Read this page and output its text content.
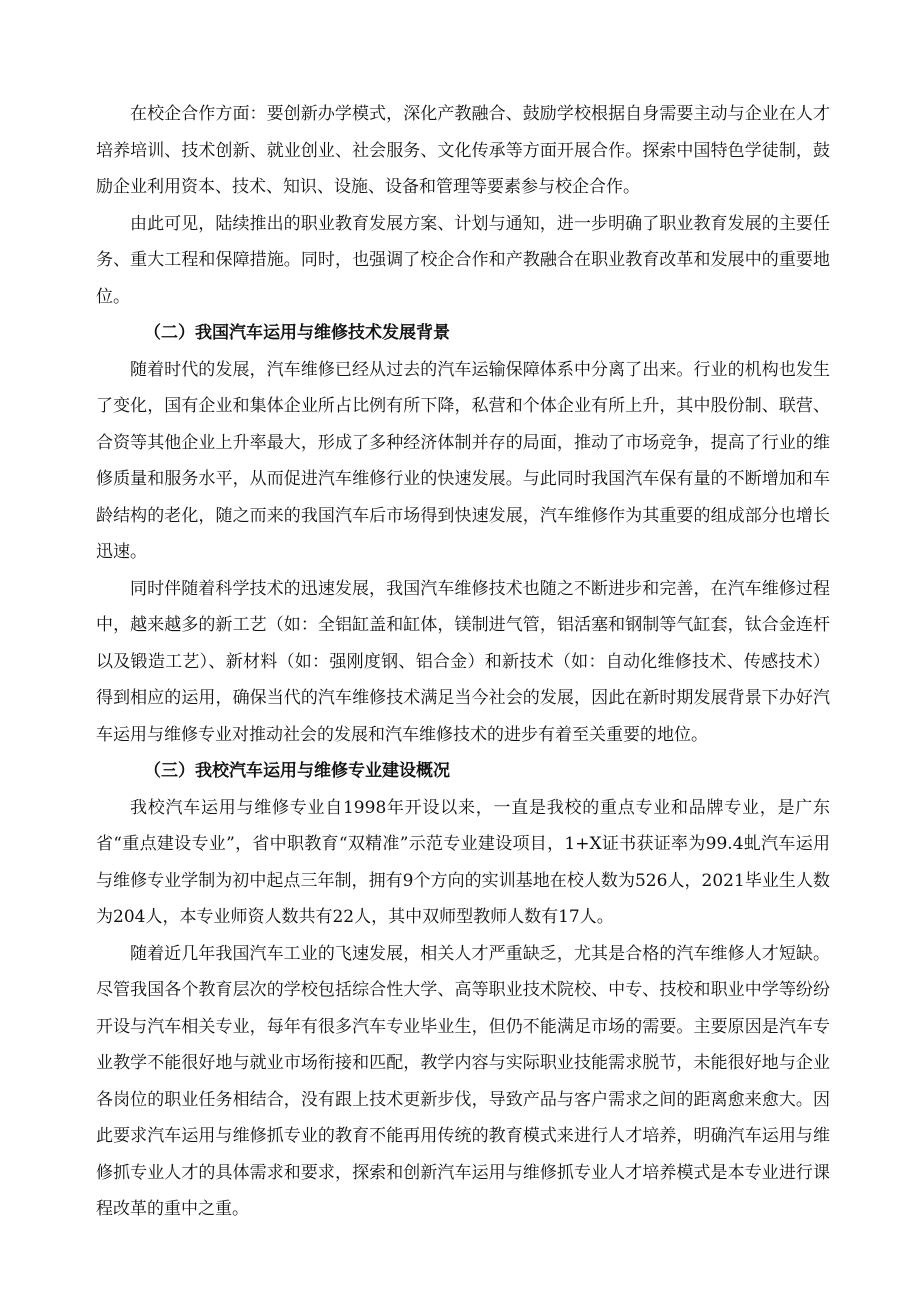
在校企合作方面：要创新办学模式，深化产教融合、鼓励学校根据自身需要主动与企业在人才培养培训、技术创新、就业创业、社会服务、文化传承等方面开展合作。探索中国特色学徒制，鼓励企业利用资本、技术、知识、设施、设备和管理等要素参与校企合作。

由此可见，陆续推出的职业教育发展方案、计划与通知，进一步明确了职业教育发展的主要任务、重大工程和保障措施。同时，也强调了校企合作和产教融合在职业教育改革和发展中的重要地位。

（二）我国汽车运用与维修技术发展背景

随着时代的发展，汽车维修已经从过去的汽车运输保障体系中分离了出来。行业的机构也发生了变化，国有企业和集体企业所占比例有所下降，私营和个体企业有所上升，其中股份制、联营、合资等其他企业上升率最大，形成了多种经济体制并存的局面，推动了市场竞争，提高了行业的维修质量和服务水平，从而促进汽车维修行业的快速发展。与此同时我国汽车保有量的不断增加和车龄结构的老化，随之而来的我国汽车后市场得到快速发展，汽车维修作为其重要的组成部分也增长迅速。

同时伴随着科学技术的迅速发展，我国汽车维修技术也随之不断进步和完善，在汽车维修过程中，越来越多的新工艺（如：全铝缸盖和缸体，镁制进气管，铝活塞和钢制等气缸套，钛合金连杆以及锻造工艺）、新材料（如：强刚度钢、铝合金）和新技术（如：自动化维修技术、传感技术）得到相应的运用，确保当代的汽车维修技术满足当今社会的发展，因此在新时期发展背景下办好汽车运用与维修专业对推动社会的发展和汽车维修技术的进步有着至关重要的地位。

（三）我校汽车运用与维修专业建设概况

我校汽车运用与维修专业自1998年开设以来，一直是我校的重点专业和品牌专业，是广东省“重点建设专业”，省中职教育“双精准”示范专业建设项目，1+X证书获证率为99.4虬汽车运用与维修专业学制为初中起点三年制，拥有9个方向的实训基地在校人数为526人，2021毕业生人数为204人，本专业师资人数共有22人，其中双师型教师人数有17人。

随着近几年我国汽车工业的飞速发展，相关人才严重缺乏，尤其是合格的汽车维修人才短缺。尽管我国各个教育层次的学校包括综合性大学、高等职业技术院校、中专、技校和职业中学等纷纷开设与汽车相关专业，每年有很多汽车专业毕业生，但仍不能满足市场的需要。主要原因是汽车专业教学不能很好地与就业市场衔接和匹配，教学内容与实际职业技能需求脱节，未能很好地与企业各岗位的职业任务相结合，没有跟上技术更新步伐，导致产品与客户需求之间的距离愈来愈大。因此要求汽车运用与维修抓专业的教育不能再用传统的教育模式来进行人才培养，明确汽车运用与维修抓专业人才的具体需求和要求，探索和创新汽车运用与维修抓专业人才培养模式是本专业进行课程改革的重中之重。
